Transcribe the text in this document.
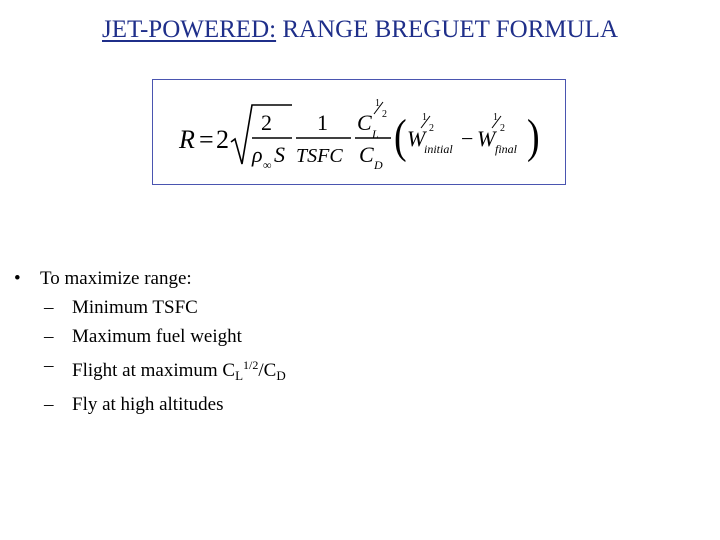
JET-POWERED: RANGE BREGUET FORMULA
R = 2
2
ρ ∞ S
1
TSFC
C L
1
2
C D
( W
1
2
initial − W
1
2
final )
• To maximize range:
– Minimum TSFC
– Maximum fuel weight
– Flight at maximum $C_L^{1/2}/C_D$
– Fly at high altitudes
